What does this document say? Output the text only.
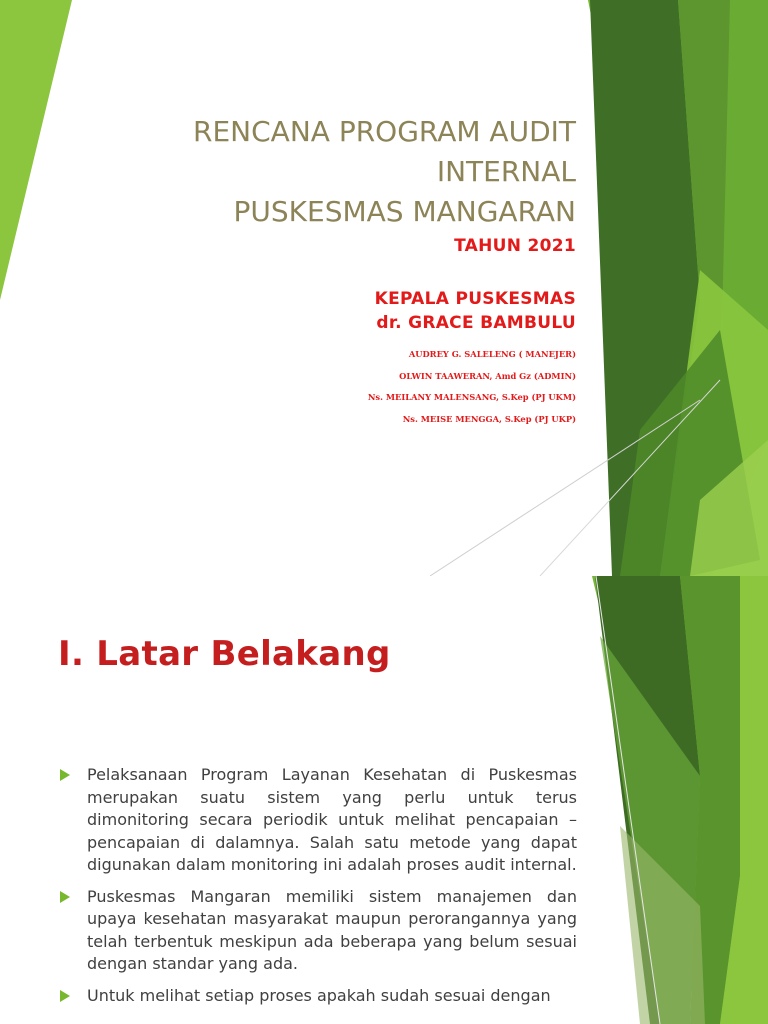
RENCANA PROGRAM AUDIT
INTERNAL
PUSKESMAS MANGARAN
TAHUN 2021
KEPALA PUSKESMAS
dr. GRACE BAMBULU
AUDREY G. SALELENG ( MANEJER)
OLWIN TAAWERAN, Amd Gz (ADMIN)
Ns. MEILANY MALENSANG, S.Kep (PJ UKM)
Ns. MEISE MENGGA, S.Kep (PJ UKP)
I. Latar Belakang
Pelaksanaan Program Layanan Kesehatan di Puskesmas merupakan suatu sistem yang perlu untuk terus dimonitoring secara periodik untuk melihat pencapaian – pencapaian di dalamnya. Salah satu metode yang dapat digunakan dalam monitoring ini adalah proses audit internal.
Puskesmas Mangaran memiliki sistem manajemen dan upaya kesehatan masyarakat maupun perorangannya yang telah terbentuk meskipun ada beberapa yang belum sesuai dengan standar yang ada.
Untuk melihat setiap proses apakah sudah sesuai dengan
